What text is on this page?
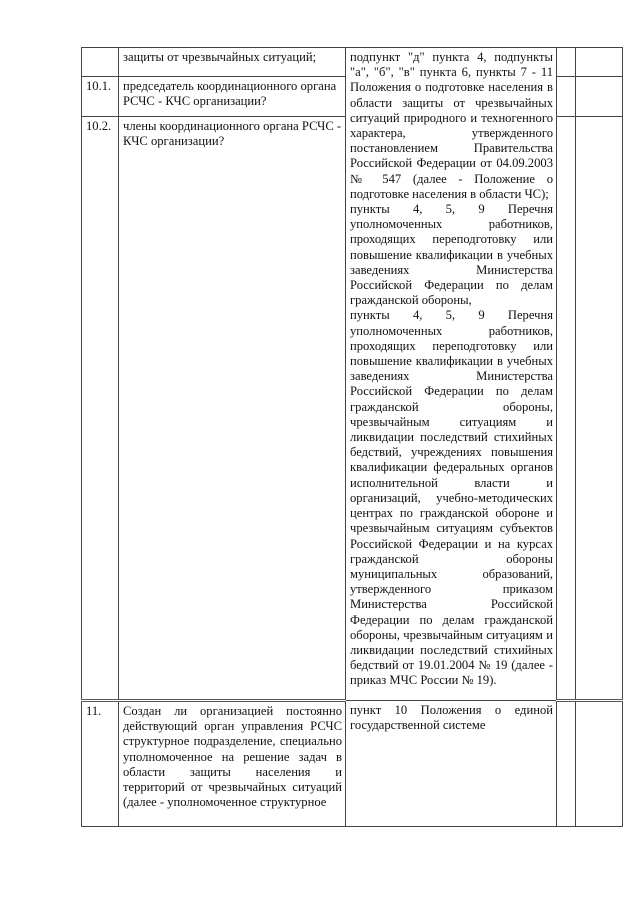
	защиты от чрезвычайных ситуаций;	подпункт "д" пункта 4, подпункты "а", "б", "в" пункта 6, пункты 7 - 11 Положения о подготовке населения в области защиты от чрезвычайных ситуаций природного и техногенного характера, утвержденного постановлением Правительства Российской Федерации от 04.09.2003 № 547 (далее - Положение о подготовке населения в области ЧС);
пункты 4, 5, 9 Перечня уполномоченных работников, проходящих переподготовку или повышение квалификации в учебных заведениях Министерства Российской Федерации по делам гражданской обороны,
пункты 4, 5, 9 Перечня уполномоченных работников, проходящих переподготовку или повышение квалификации в учебных заведениях Министерства Российской Федерации по делам гражданской обороны, чрезвычайным ситуациям и ликвидации последствий стихийных бедствий, учреждениях повышения квалификации федеральных органов исполнительной власти и организаций, учебно-методических центрах по гражданской обороне и чрезвычайным ситуациям субъектов Российской Федерации и на курсах гражданской обороны муниципальных образований, утвержденного приказом Министерства Российской Федерации по делам гражданской обороны, чрезвычайным ситуациям и ликвидации последствий стихийных бедствий от 19.01.2004 № 19 (далее - приказ МЧС России № 19).		

10.1.	председатель координационного органа РСЧС - КЧС организации?			
10.2.	члены координационного органа РСЧС - КЧС организации?			
11.	Создан ли организацией постоянно действующий орган управления РСЧС структурное подразделение, специально уполномоченное на решение задач в области защиты населения и территорий от чрезвычайных ситуаций (далее - уполномоченное структурное	пункт 10 Положения о единой государственной системе		
